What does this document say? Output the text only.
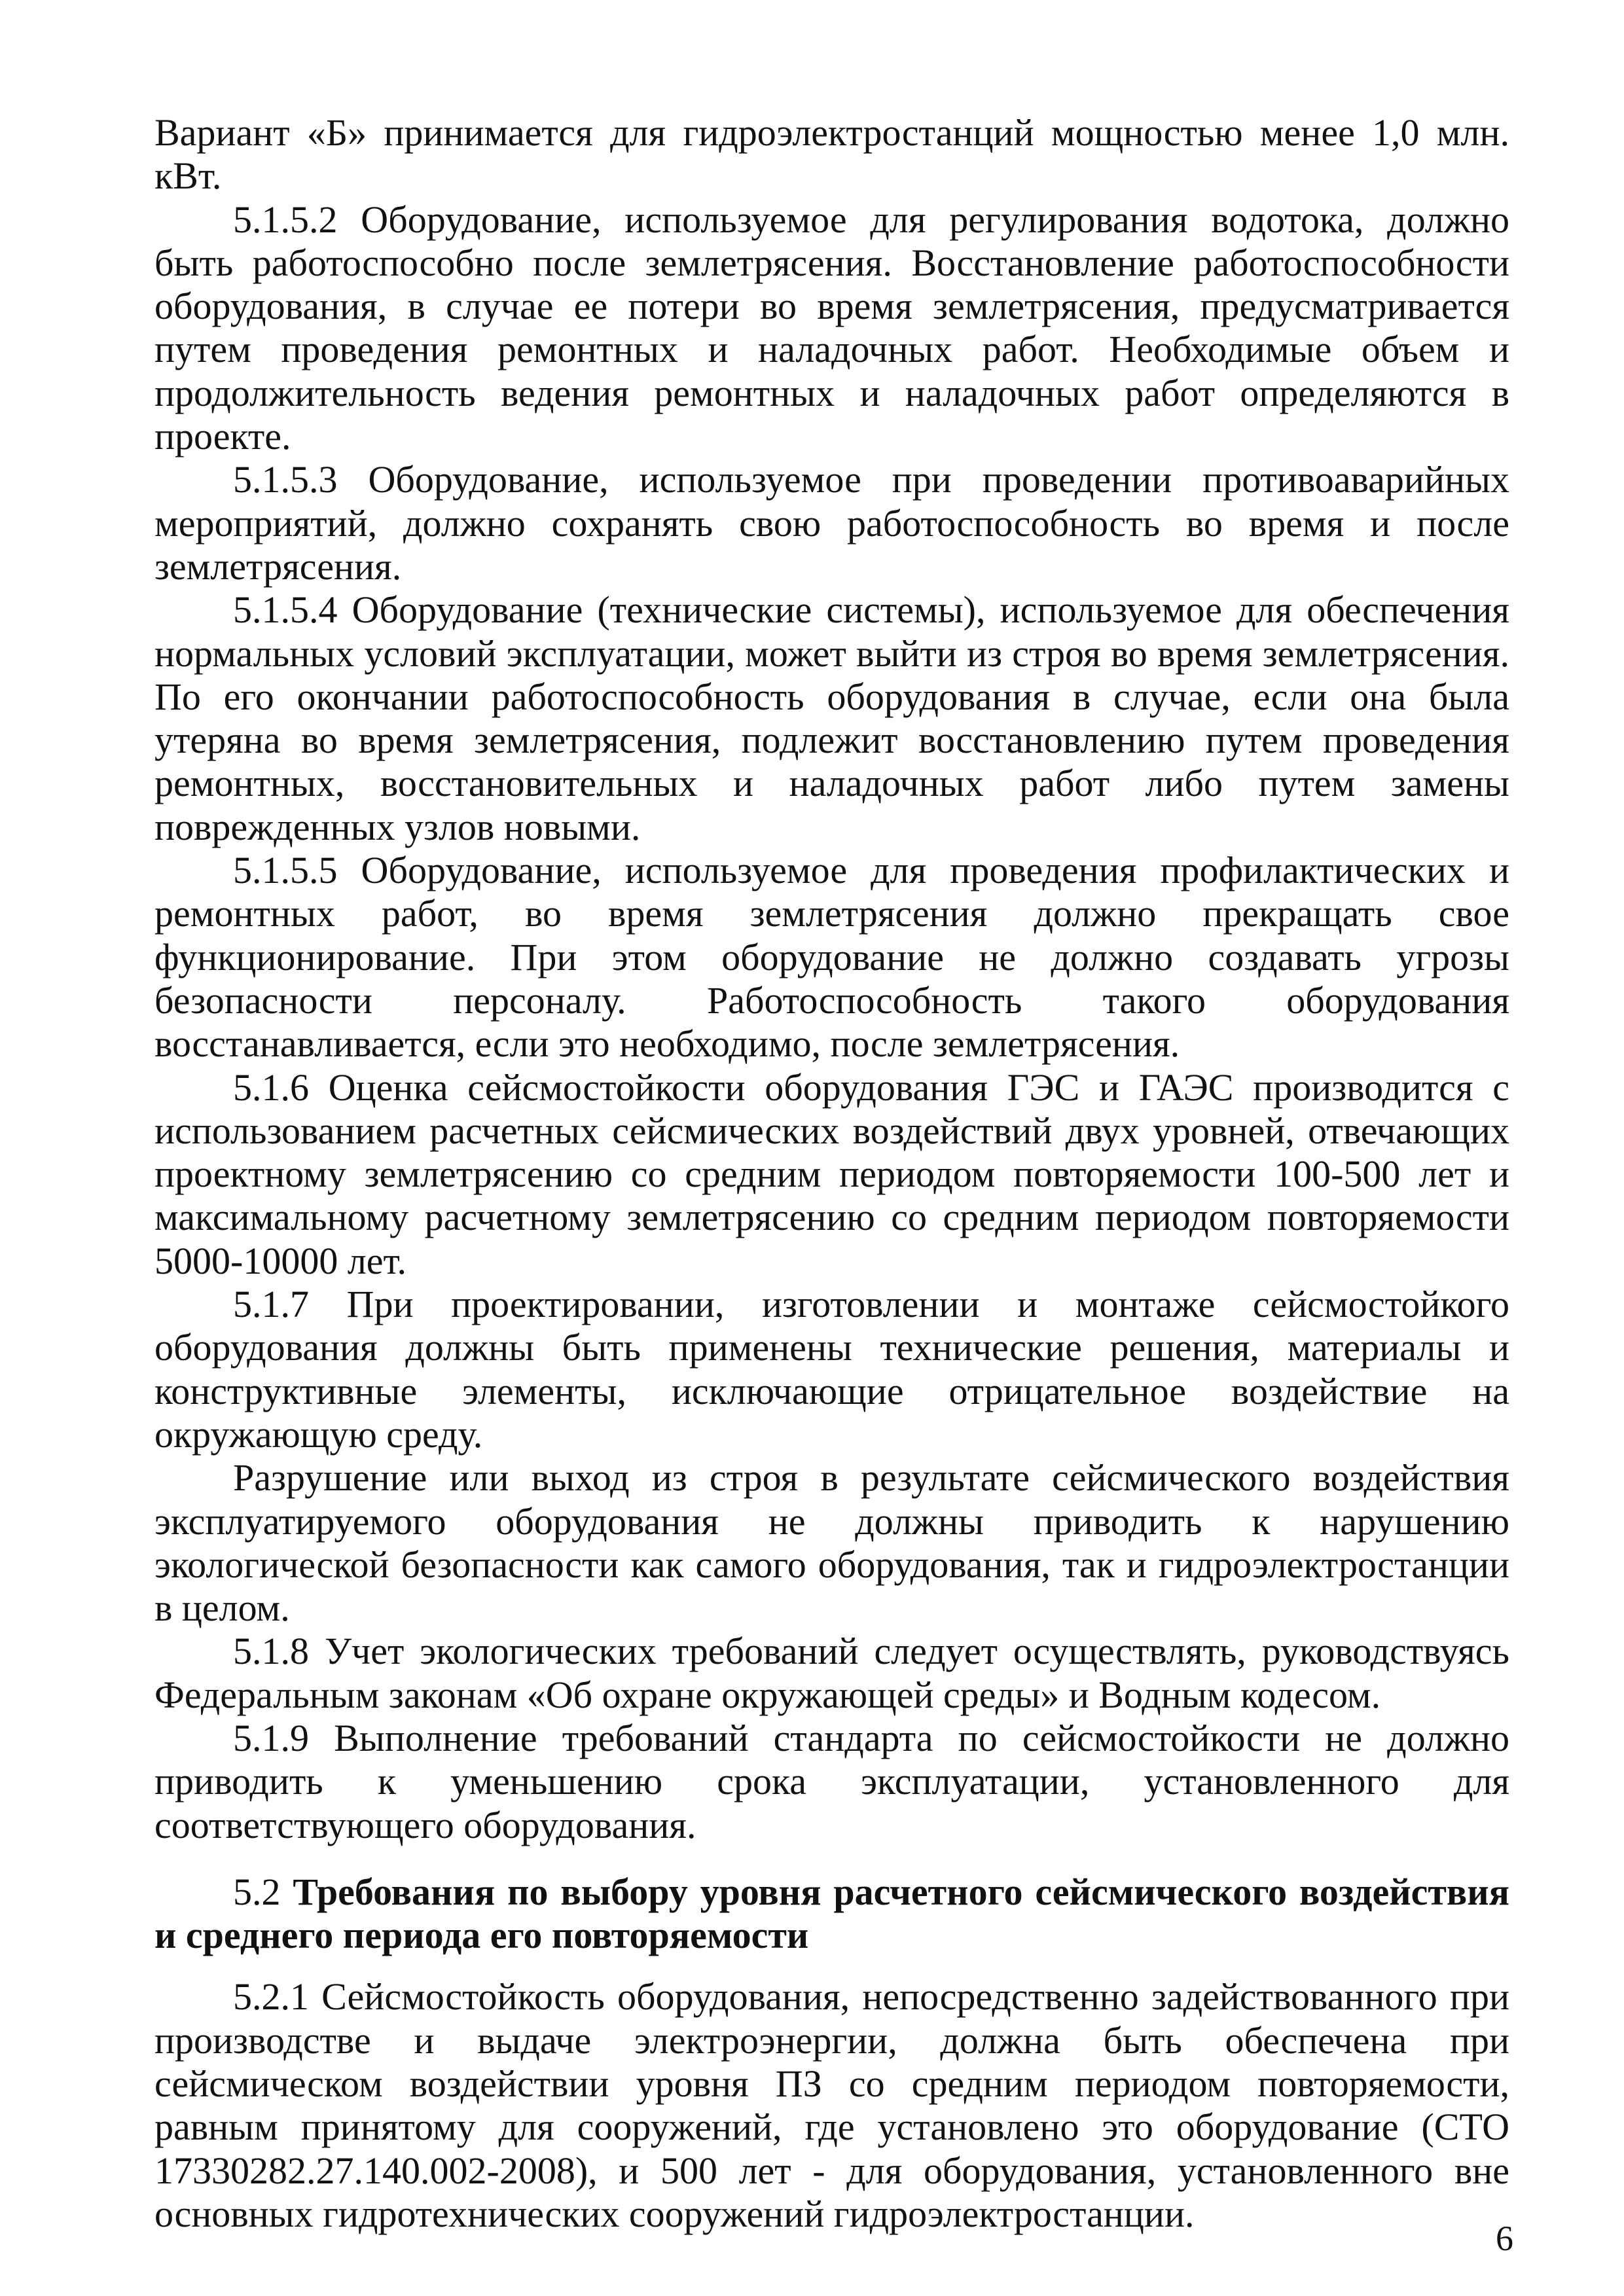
Вариант «Б» принимается для гидроэлектростанций мощностью менее 1,0 млн. кВт.

5.1.5.2 Оборудование, используемое для регулирования водотока, должно быть работоспособно после землетрясения. Восстановление работоспособности оборудования, в случае ее потери во время землетрясения, предусматривается путем проведения ремонтных и наладочных работ. Необходимые объем и продолжительность ведения ремонтных и наладочных работ определяются в проекте.

5.1.5.3 Оборудование, используемое при проведении противоаварийных мероприятий, должно сохранять свою работоспособность во время и после землетрясения.

5.1.5.4 Оборудование (технические системы), используемое для обеспечения нормальных условий эксплуатации, может выйти из строя во время землетрясения. По его окончании работоспособность оборудования в случае, если она была утеряна во время землетрясения, подлежит восстановлению путем проведения ремонтных, восстановительных и наладочных работ либо путем замены поврежденных узлов новыми.

5.1.5.5 Оборудование, используемое для проведения профилактических и ремонтных работ, во время землетрясения должно прекращать свое функционирование. При этом оборудование не должно создавать угрозы безопасности персоналу. Работоспособность такого оборудования восстанавливается, если это необходимо, после землетрясения.

5.1.6 Оценка сейсмостойкости оборудования ГЭС и ГАЭС производится с использованием расчетных сейсмических воздействий двух уровней, отвечающих проектному землетрясению со средним периодом повторяемости 100-500 лет и максимальному расчетному землетрясению со средним периодом повторяемости 5000-10000 лет.

5.1.7 При проектировании, изготовлении и монтаже сейсмостойкого оборудования должны быть применены технические решения, материалы и конструктивные элементы, исключающие отрицательное воздействие на окружающую среду.

Разрушение или выход из строя в результате сейсмического воздействия эксплуатируемого оборудования не должны приводить к нарушению экологической безопасности как самого оборудования, так и гидроэлектростанции в целом.

5.1.8 Учет экологических требований следует осуществлять, руководствуясь Федеральным законам «Об охране окружающей среды» и Водным кодесом.

5.1.9 Выполнение требований стандарта по сейсмостойкости не должно приводить к уменьшению срока эксплуатации, установленного для соответствующего оборудования.

5.2 Требования по выбору уровня расчетного сейсмического воздействия и среднего периода его повторяемости

5.2.1 Сейсмостойкость оборудования, непосредственно задействованного при производстве и выдаче электроэнергии, должна быть обеспечена при сейсмическом воздействии уровня ПЗ со средним периодом повторяемости, равным принятому для сооружений, где установлено это оборудование (СТО 17330282.27.140.002-2008), и 500 лет - для оборудования, установленного вне основных гидротехнических сооружений гидроэлектростанции.

6
